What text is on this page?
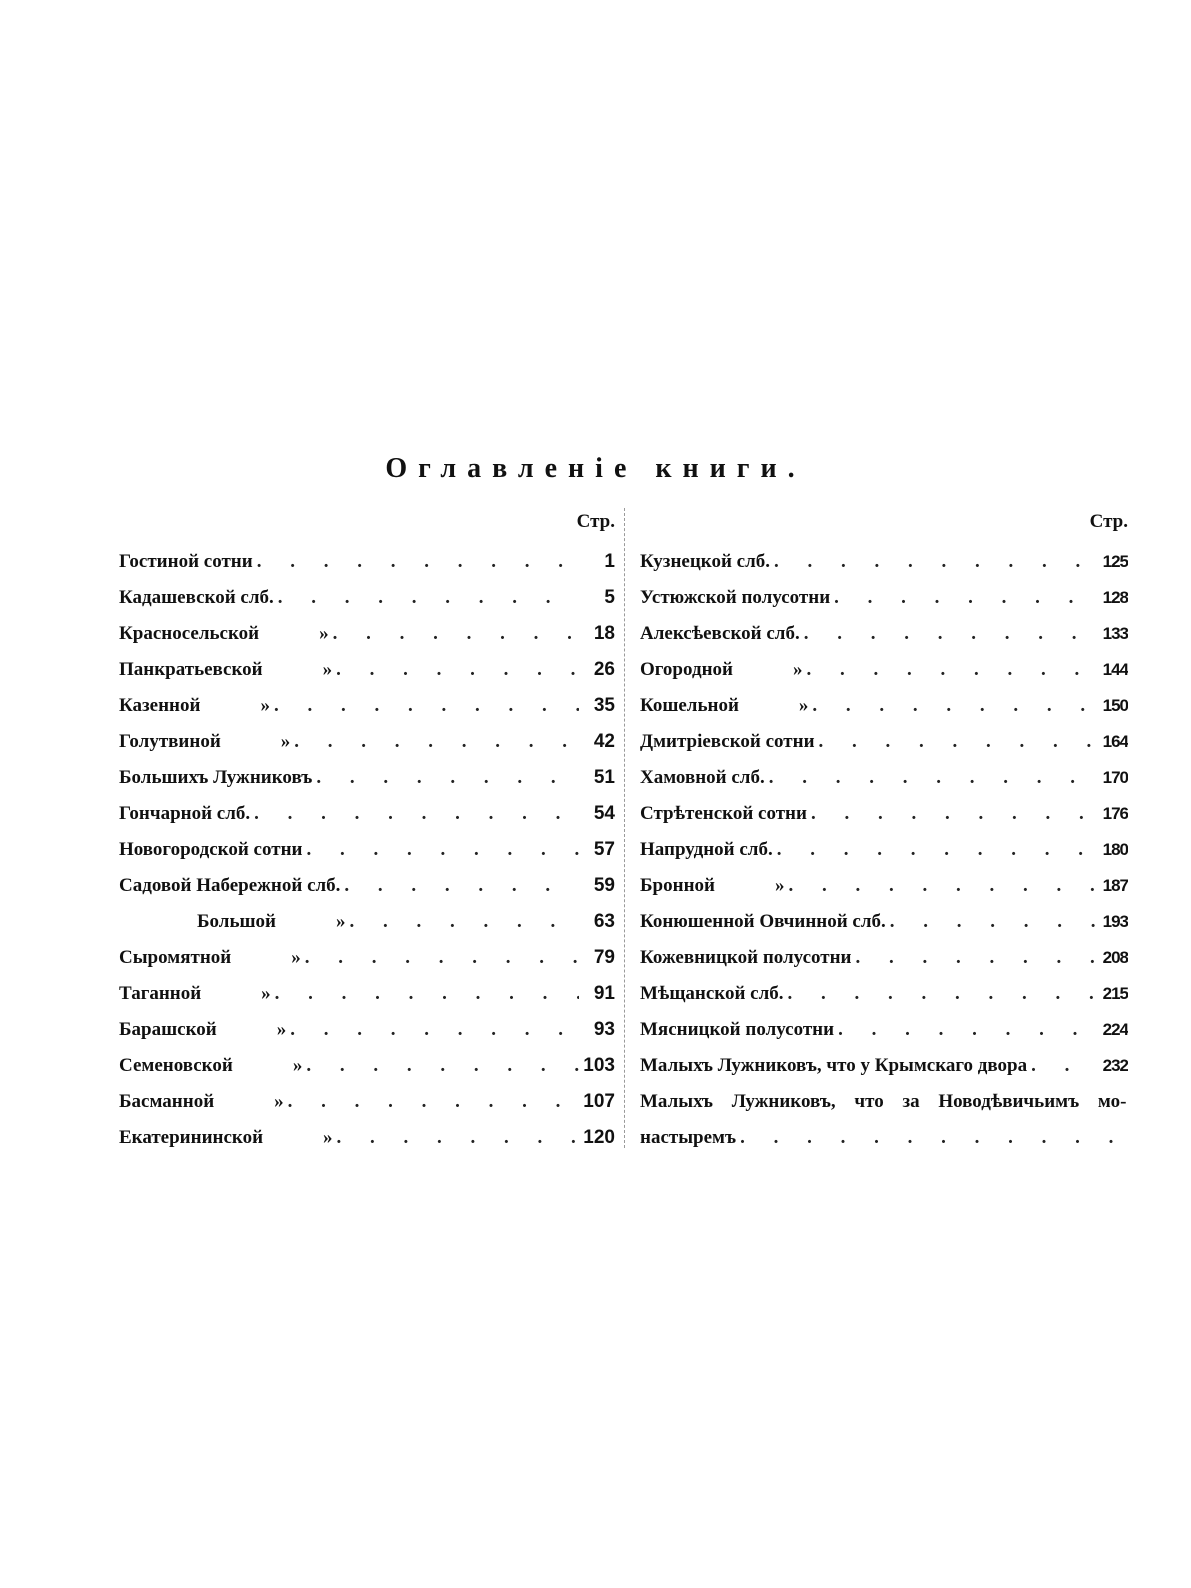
Оглавленіе книги.
Стр.
Гостиной сотни . . .	1
Кадашевской слб. . . .	5
Красносельской	» . . .	18
Панкратьевской	» . . .	26
Казенной	» . . .	35
Голутвиной	» . . .	42
Большихъ Лужниковъ . . .	51
Гончарной слб. . . .	54
Новогородской сотни . . .	57
Садовой Набережной слб. . . .	59
Большой	» . . .	63
Сыромятной	» . . .	79
Таганной	» . . .	91
Барашской	» . . .	93
Семеновской	» . . .	103
Басманной	» . . .	107
Екатерининской	» . . .	120
Стр.
Кузнецкой слб. . . .	125
Устюжской полусотни . . .	128
Алексѣевской слб. . . .	133
Огородной	» . . .	144
Кошельной	» . . .	150
Дмитріевской сотни . . .	164
Хамовной слб. . . .	170
Стрѣтенской сотни . . .	176
Напрудной слб. . . .	180
Бронной	» . . .	187
Конюшенной Овчинной слб. . . .	193
Кожевницкой полусотни . . .	208
Мѣщанской слб. . . .	215
Мясницкой полусотни . . .	224
Малыхъ Лужниковъ, что у Крымскаго двора . . .	232
Малыхъ Лужниковъ, что за Новодѣвичьимъ мо-
настыремъ
. . .
